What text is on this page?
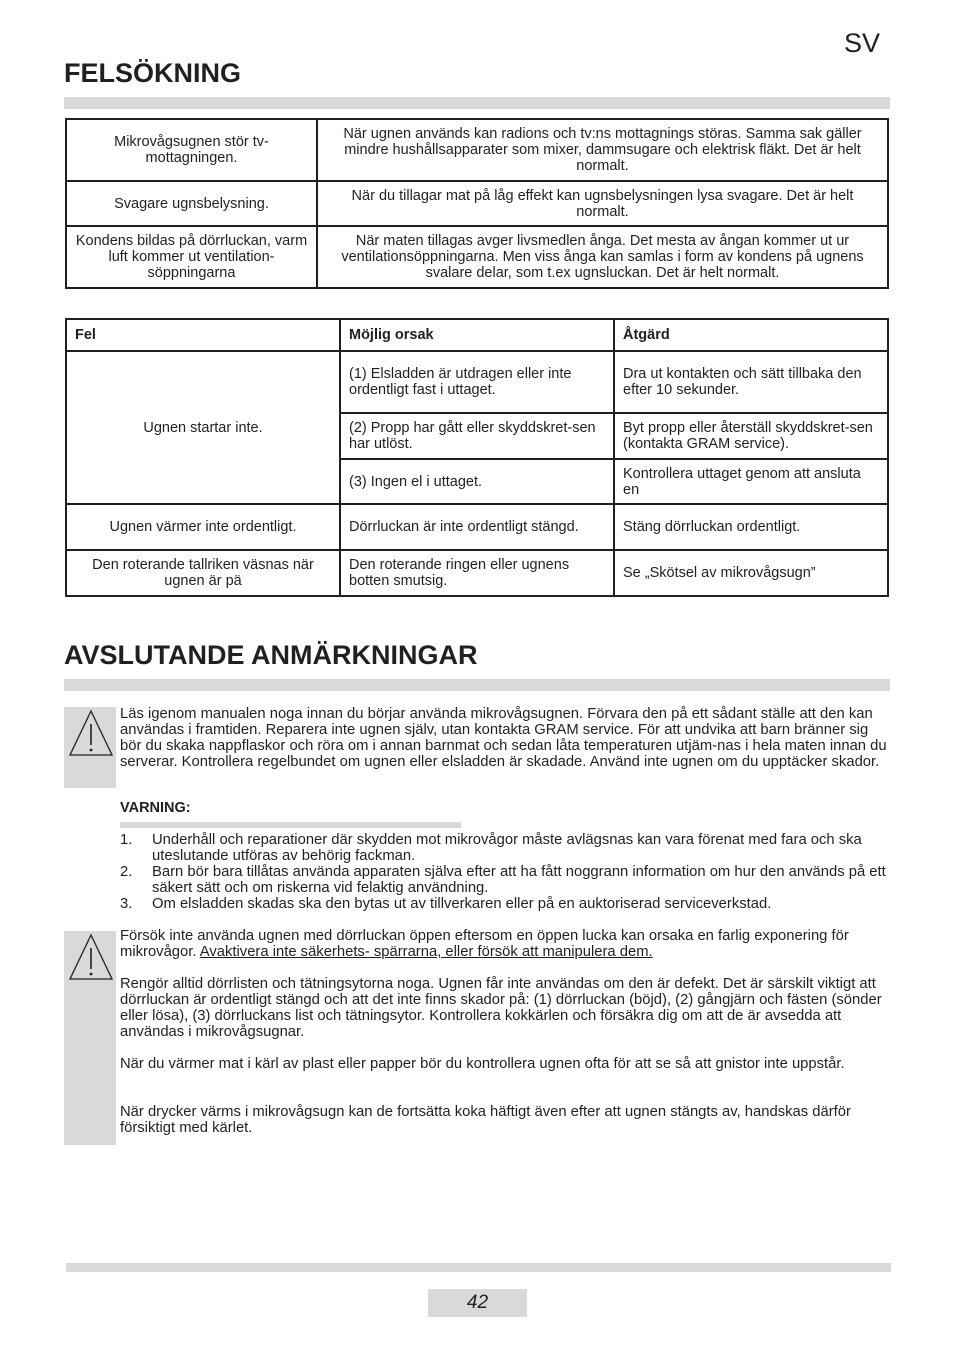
SV
FELSÖKNING
Mikrovågsugnen stör tv-mottagningen.	När ugnen används kan radions och tv:ns mottagnings störas. Samma sak gäller mindre hushållsapparater som mixer, dammsugare och elektrisk fläkt. Det är helt normalt.
Svagare ugnsbelysning.	När du tillagar mat på låg effekt kan ugnsbelysningen lysa svagare. Det är helt normalt.
Kondens bildas på dörrluckan, varm luft kommer ut ventilation-söppningarna	När maten tillagas avger livsmedlen ånga. Det mesta av ångan kommer ut ur ventilationsöppningarna. Men viss ånga kan samlas i form av kondens på ugnens svalare delar, som t.ex ugnsluckan. Det är helt normalt.
Fel	Möjlig orsak	Åtgärd
Ugnen startar inte.	(1) Elsladden är utdragen eller inte ordentligt fast i uttaget.	Dra ut kontakten och sätt tillbaka den efter 10 sekunder.
	(2) Propp har gått eller skyddskret-sen har utlöst.	Byt propp eller återställ skyddskret-sen (kontakta GRAM service).
	(3) Ingen el i uttaget.	Kontrollera uttaget genom att ansluta en
Ugnen värmer inte ordentligt.	Dörrluckan är inte ordentligt stängd.	Stäng dörrluckan ordentligt.
Den roterande tallriken väsnas när ugnen är pä	Den roterande ringen eller ugnens botten smutsig.	Se „Skötsel av mikrovågsugn”
AVSLUTANDE ANMÄRKNINGAR

Läs igenom manualen noga innan du börjar använda mikrovågsugnen. Förvara den på ett sådant ställe att den kan användas i framtiden. Reparera inte ugnen själv, utan kontakta GRAM service. För att undvika att barn bränner sig bör du skaka nappflaskor och röra om i annan barnmat och sedan låta temperaturen utjäm-nas i hela maten innan du serverar. Kontrollera regelbundet om ugnen eller elsladden är skadade. Använd inte ugnen om du upptäcker skador.

VARNING:
1. Underhåll och reparationer där skydden mot mikrovågor måste avlägsnas kan vara förenat med fara och ska uteslutande utföras av behörig fackman.
2. Barn bör bara tillåtas använda apparaten själva efter att ha fått noggrann information om hur den används på ett säkert sätt och om riskerna vid felaktig användning.
3. Om elsladden skadas ska den bytas ut av tillverkaren eller på en auktoriserad serviceverkstad.

Försök inte använda ugnen med dörrluckan öppen eftersom en öppen lucka kan orsaka en farlig exponering för mikrovågor. Avaktivera inte säkerhets- spärrarna, eller försök att manipulera dem.

Rengör alltid dörrlisten och tätningsytorna noga. Ugnen får inte användas om den är defekt. Det är särskilt viktigt att dörrluckan är ordentligt stängd och att det inte finns skador på: (1) dörrluckan (böjd), (2) gångjärn och fästen (sönder eller lösa), (3) dörrluckans list och tätningsytor. Kontrollera kokkärlen och försäkra dig om att de är avsedda att användas i mikrovågsugnar.

När du värmer mat i kärl av plast eller papper bör du kontrollera ugnen ofta för att se så att gnistor inte uppstår.

När drycker värms i mikrovågsugn kan de fortsätta koka häftigt även efter att ugnen stängts av, handskas därför försiktigt med kärlet.

42
